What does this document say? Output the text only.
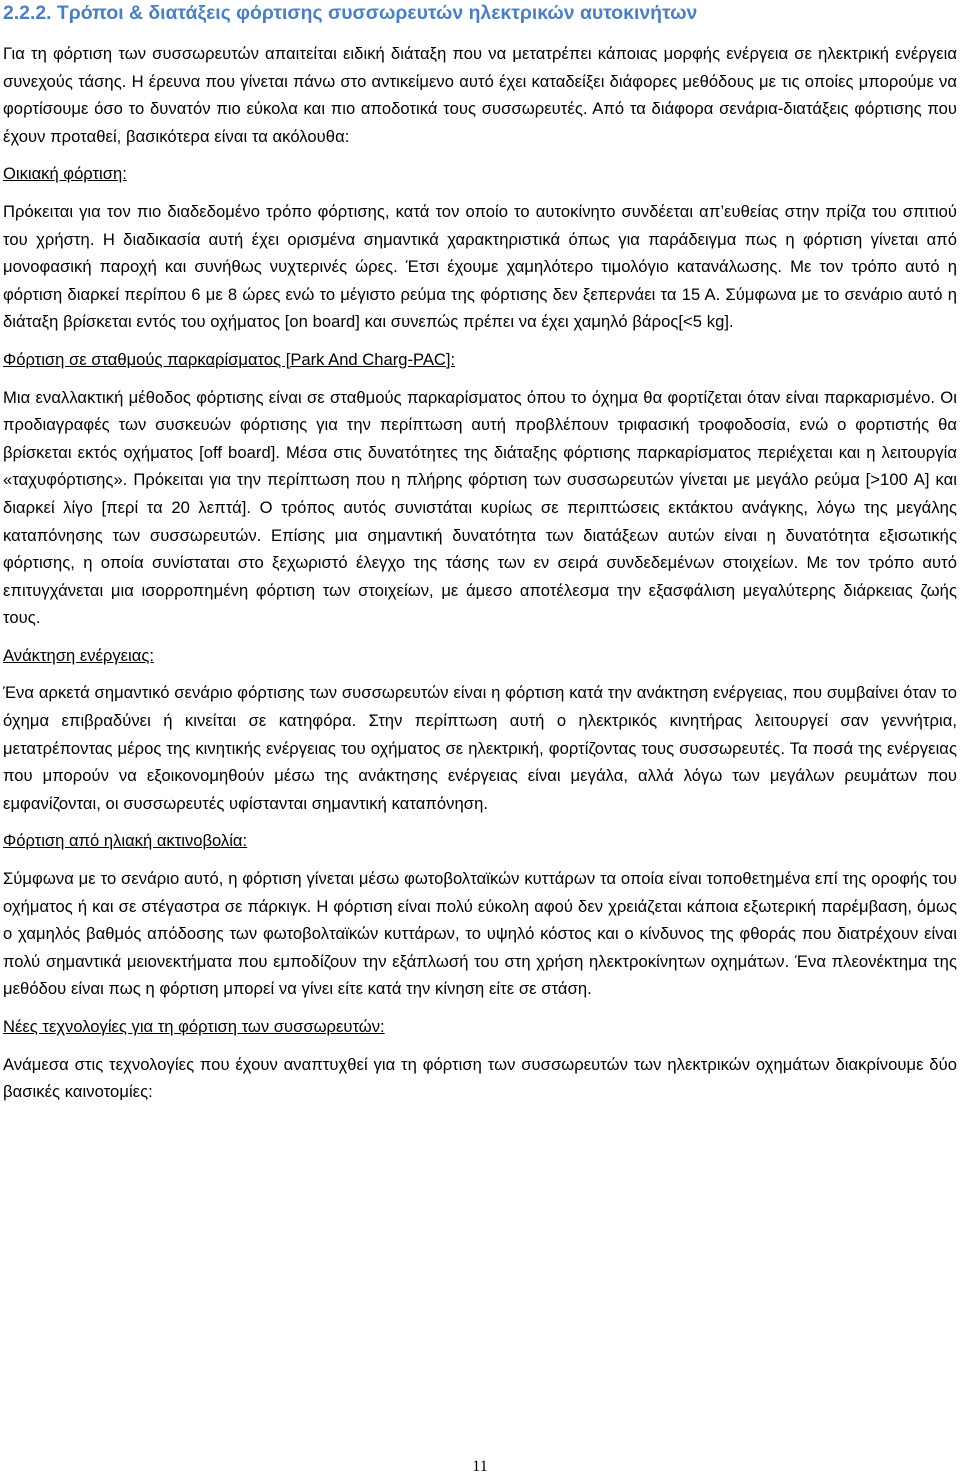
2.2.2. Τρόποι & διατάξεις φόρτισης συσσωρευτών ηλεκτρικών αυτοκινήτων

Για τη φόρτιση των συσσωρευτών απαιτείται ειδική διάταξη που να μετατρέπει κάποιας μορφής ενέργεια σε ηλεκτρική ενέργεια συνεχούς τάσης. Η έρευνα που γίνεται πάνω στο αντικείμενο αυτό έχει καταδείξει διάφορες μεθόδους με τις οποίες μπορούμε να φορτίσουμε όσο το δυνατόν πιο εύκολα και πιο αποδοτικά τους συσσωρευτές. Από τα διάφορα σενάρια-διατάξεις φόρτισης που έχουν προταθεί, βασικότερα είναι τα ακόλουθα:

Οικιακή φόρτιση:

Πρόκειται για τον πιο διαδεδομένο τρόπο φόρτισης, κατά τον οποίο το αυτοκίνητο συνδέεται απ’ευθείας στην πρίζα του σπιτιού του χρήστη. Η διαδικασία αυτή έχει ορισμένα σημαντικά χαρακτηριστικά όπως για παράδειγμα πως η φόρτιση γίνεται από μονοφασική παροχή και συνήθως νυχτερινές ώρες. Έτσι έχουμε χαμηλότερο τιμολόγιο κατανάλωσης. Με τον τρόπο αυτό η φόρτιση διαρκεί περίπου 6 με 8 ώρες ενώ το μέγιστο ρεύμα της φόρτισης δεν ξεπερνάει τα 15 Α. Σύμφωνα με το σενάριο αυτό η διάταξη βρίσκεται εντός του οχήματος [on board] και συνεπώς πρέπει να έχει χαμηλό βάρος[<5 kg].

Φόρτιση σε σταθμούς παρκαρίσματος [Park And Charg-PAC]:

Μια εναλλακτική μέθοδος φόρτισης είναι σε σταθμούς παρκαρίσματος όπου το όχημα θα φορτίζεται όταν είναι παρκαρισμένο. Οι προδιαγραφές των συσκευών φόρτισης για την περίπτωση αυτή προβλέπουν τριφασική τροφοδοσία, ενώ ο φορτιστής θα βρίσκεται εκτός οχήματος [off board]. Μέσα στις δυνατότητες της διάταξης φόρτισης παρκαρίσματος περιέχεται και η λειτουργία «ταχυφόρτισης». Πρόκειται για την περίπτωση που η πλήρης φόρτιση των συσσωρευτών γίνεται με μεγάλο ρεύμα [>100 A] και διαρκεί λίγο [περί τα 20 λεπτά]. Ο τρόπος αυτός συνιστάται κυρίως σε περιπτώσεις εκτάκτου ανάγκης, λόγω της μεγάλης καταπόνησης των συσσωρευτών. Επίσης μια σημαντική δυνατότητα των διατάξεων αυτών είναι η δυνατότητα εξισωτικής φόρτισης, η οποία συνίσταται στο ξεχωριστό έλεγχο της τάσης των εν σειρά συνδεδεμένων στοιχείων. Με τον τρόπο αυτό επιτυγχάνεται μια ισορροπημένη φόρτιση των στοιχείων, με άμεσο αποτέλεσμα την εξασφάλιση μεγαλύτερης διάρκειας ζωής τους.

Ανάκτηση ενέργειας:

Ένα αρκετά σημαντικό σενάριο φόρτισης των συσσωρευτών είναι η φόρτιση κατά την ανάκτηση ενέργειας, που συμβαίνει όταν το όχημα επιβραδύνει ή κινείται σε κατηφόρα. Στην περίπτωση αυτή ο ηλεκτρικός κινητήρας λειτουργεί σαν γεννήτρια, μετατρέποντας μέρος της κινητικής ενέργειας του οχήματος σε ηλεκτρική, φορτίζοντας τους συσσωρευτές. Τα ποσά της ενέργειας που μπορούν να εξοικονομηθούν μέσω της ανάκτησης ενέργειας είναι μεγάλα, αλλά λόγω των μεγάλων ρευμάτων που εμφανίζονται, οι συσσωρευτές υφίστανται σημαντική καταπόνηση.

Φόρτιση από ηλιακή ακτινοβολία:

Σύμφωνα με το σενάριο αυτό, η φόρτιση γίνεται μέσω φωτοβολταϊκών κυττάρων τα οποία είναι τοποθετημένα επί της οροφής του οχήματος ή και σε στέγαστρα σε πάρκιγκ. Η φόρτιση είναι πολύ εύκολη αφού δεν χρειάζεται κάποια εξωτερική παρέμβαση, όμως ο χαμηλός βαθμός απόδοσης των φωτοβολταϊκών κυττάρων, το υψηλό κόστος και ο κίνδυνος της φθοράς που διατρέχουν είναι πολύ σημαντικά μειονεκτήματα που εμποδίζουν την εξάπλωσή του στη χρήση ηλεκτροκίνητων οχημάτων. Ένα πλεονέκτημα της μεθόδου είναι πως η φόρτιση μπορεί να γίνει είτε κατά την κίνηση είτε σε στάση.

Νέες τεχνολογίες για τη φόρτιση των συσσωρευτών:

Ανάμεσα στις τεχνολογίες που έχουν αναπτυχθεί για τη φόρτιση των συσσωρευτών των ηλεκτρικών οχημάτων διακρίνουμε δύο βασικές καινοτομίες:

11
